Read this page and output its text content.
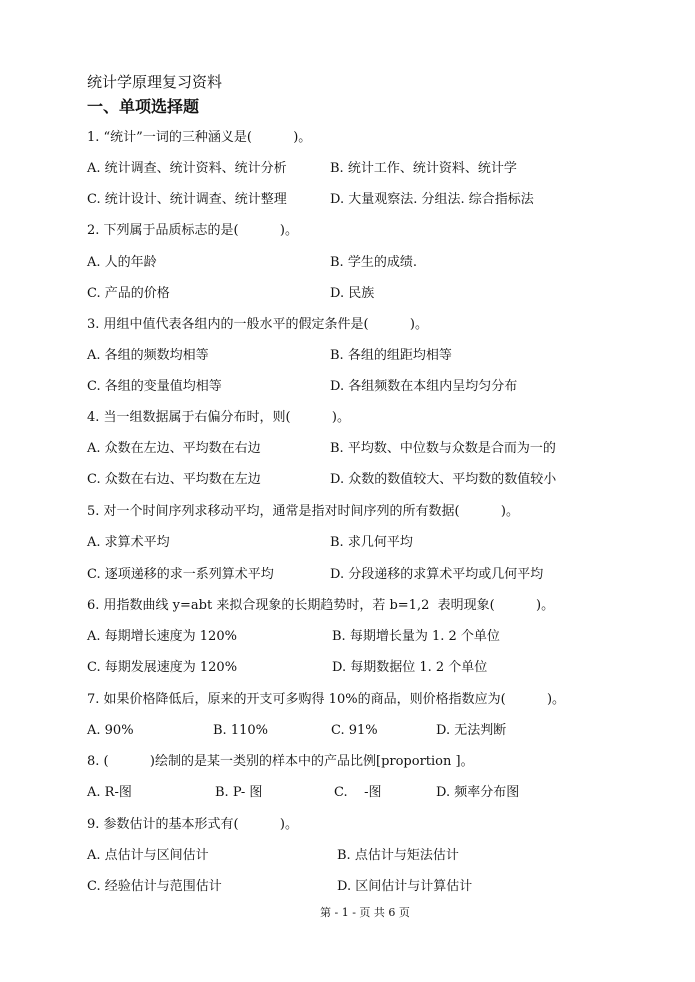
统计学原理复习资料
一、单项选择题
1. “统计”一词的三种涵义是(          )。
A. 统计调查、统计资料、统计分析	B. 统计工作、统计资料、统计学
C. 统计设计、统计调查、统计整理	D. 大量观察法. 分组法. 综合指标法
2. 下列属于品质标志的是(          )。
A. 人的年龄	B. 学生的成绩.
C. 产品的价格	D. 民族
3. 用组中值代表各组内的一般水平的假定条件是(          )。
A. 各组的频数均相等	B. 各组的组距均相等
C. 各组的变量值均相等	D. 各组频数在本组内呈均匀分布
4. 当一组数据属于右偏分布时，则(          )。
A. 众数在左边、平均数在右边	B. 平均数、中位数与众数是合而为一的
C. 众数在右边、平均数在左边	D. 众数的数值较大、平均数的数值较小
5. 对一个时间序列求移动平均，通常是指对时间序列的所有数据(          )。
A. 求算术平均	B. 求几何平均
C. 逐项递移的求一系列算术平均	D. 分段递移的求算术平均或几何平均
6. 用指数曲线 y=abt 来拟合现象的长期趋势时，若 b=1,2  表明现象(          )。
A. 每期增长速度为 120%	B. 每期增长量为 1. 2 个单位
C. 每期发展速度为 120%	D. 每期数据位 1. 2 个单位
7. 如果价格降低后，原来的开支可多购得 10%的商品，则价格指数应为(          )。
A. 90%	B. 110%	C. 91%	D. 无法判断
8. (          )绘制的是某一类别的样本中的产品比例[proportion ]。
A. R-图	B. P- 图	C.    -图	D. 频率分布图
9. 参数估计的基本形式有(          )。
A. 点估计与区间估计	B. 点估计与矩法估计
C. 经验估计与范围估计	D. 区间估计与计算估计
第 - 1 - 页 共 6 页
